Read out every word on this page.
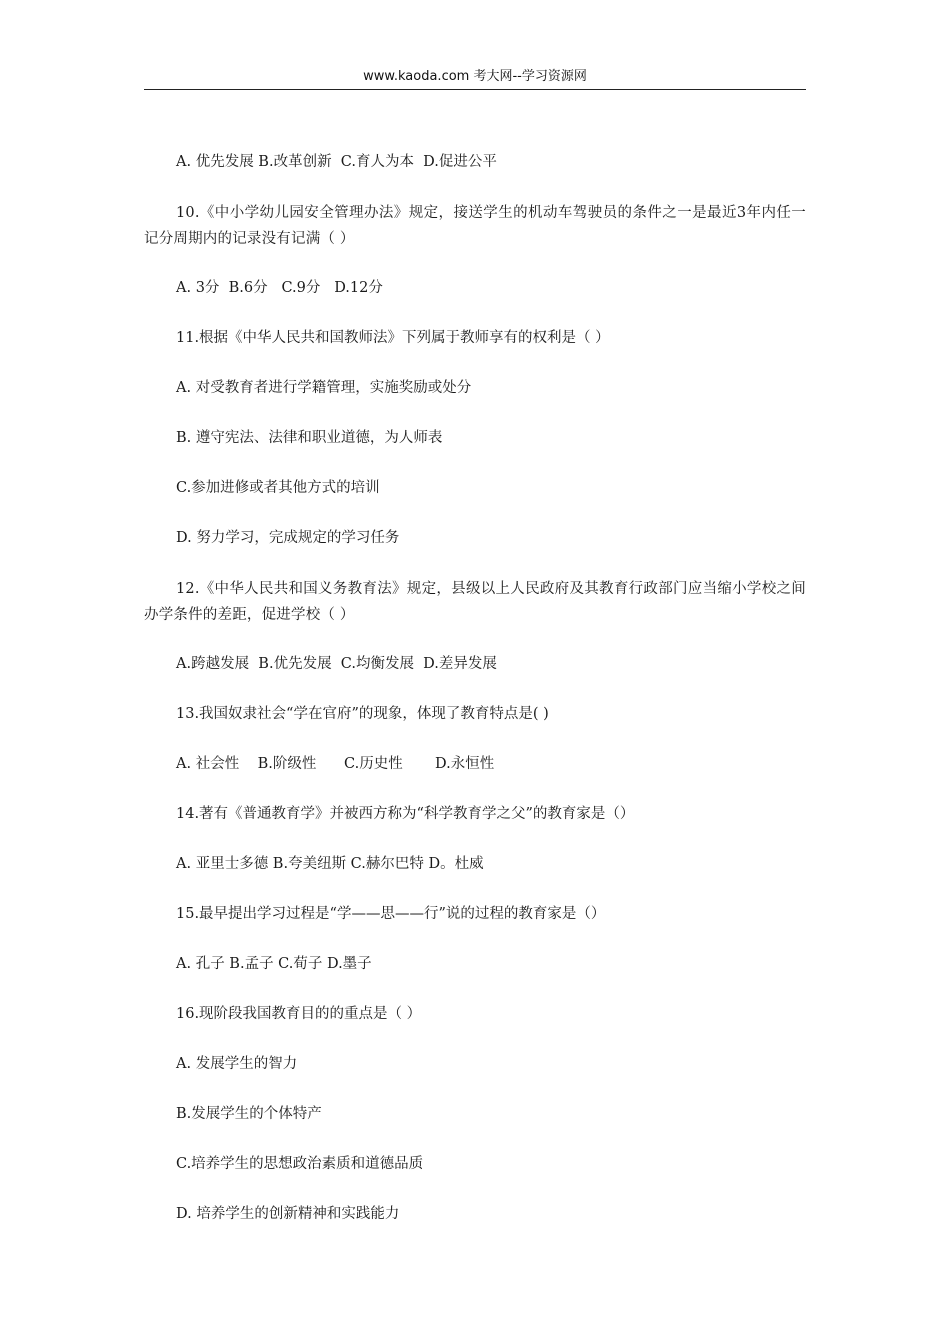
www.kaoda.com 考大网--学习资源网
A. 优先发展 B.改革创新  C.育人为本  D.促进公平
10.《中小学幼儿园安全管理办法》规定，接送学生的机动车驾驶员的条件之一是最近3年内任一记分周期内的记录没有记满（ ）
A. 3分  B.6分   C.9分   D.12分
11.根据《中华人民共和国教师法》下列属于教师享有的权利是（ ）
A. 对受教育者进行学籍管理，实施奖励或处分
B. 遵守宪法、法律和职业道德，为人师表
C.参加进修或者其他方式的培训
D. 努力学习，完成规定的学习任务
12.《中华人民共和国义务教育法》规定，县级以上人民政府及其教育行政部门应当缩小学校之间办学条件的差距，促进学校（ ）
A.跨越发展  B.优先发展  C.均衡发展  D.差异发展
13.我国奴隶社会“学在官府”的现象，体现了教育特点是( )
A. 社会性    B.阶级性      C.历史性       D.永恒性
14.著有《普通教育学》并被西方称为“科学教育学之父”的教育家是（）
A. 亚里士多德 B.夸美纽斯 C.赫尔巴特 D。杜威
15.最早提出学习过程是“学——思——行”说的过程的教育家是（）
A. 孔子 B.孟子 C.荀子 D.墨子
16.现阶段我国教育目的的重点是（ ）
A. 发展学生的智力
B.发展学生的个体特产
C.培养学生的思想政治素质和道德品质
D. 培养学生的创新精神和实践能力
